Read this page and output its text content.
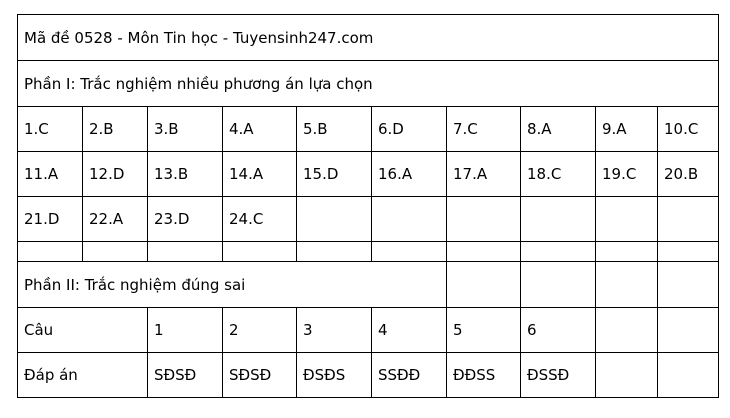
Mã đề 0528 - Môn Tin học - Tuyensinh247.com									
Phần I: Trắc nghiệm nhiều phương án lựa chọn									
1.C	2.B	3.B	4.A	5.B	6.D	7.C	8.A	9.A	10.C
11.A	12.D	13.B	14.A	15.D	16.A	17.A	18.C	19.C	20.B
21.D	22.A	23.D	24.C						

Phần II: Trắc nghiệm đúng sai									
Câu		1	2	3	4	5	6		
Đáp án		SĐSĐ	SĐSĐ	ĐSĐS	SSĐĐ	ĐĐSS	ĐSSĐ		
